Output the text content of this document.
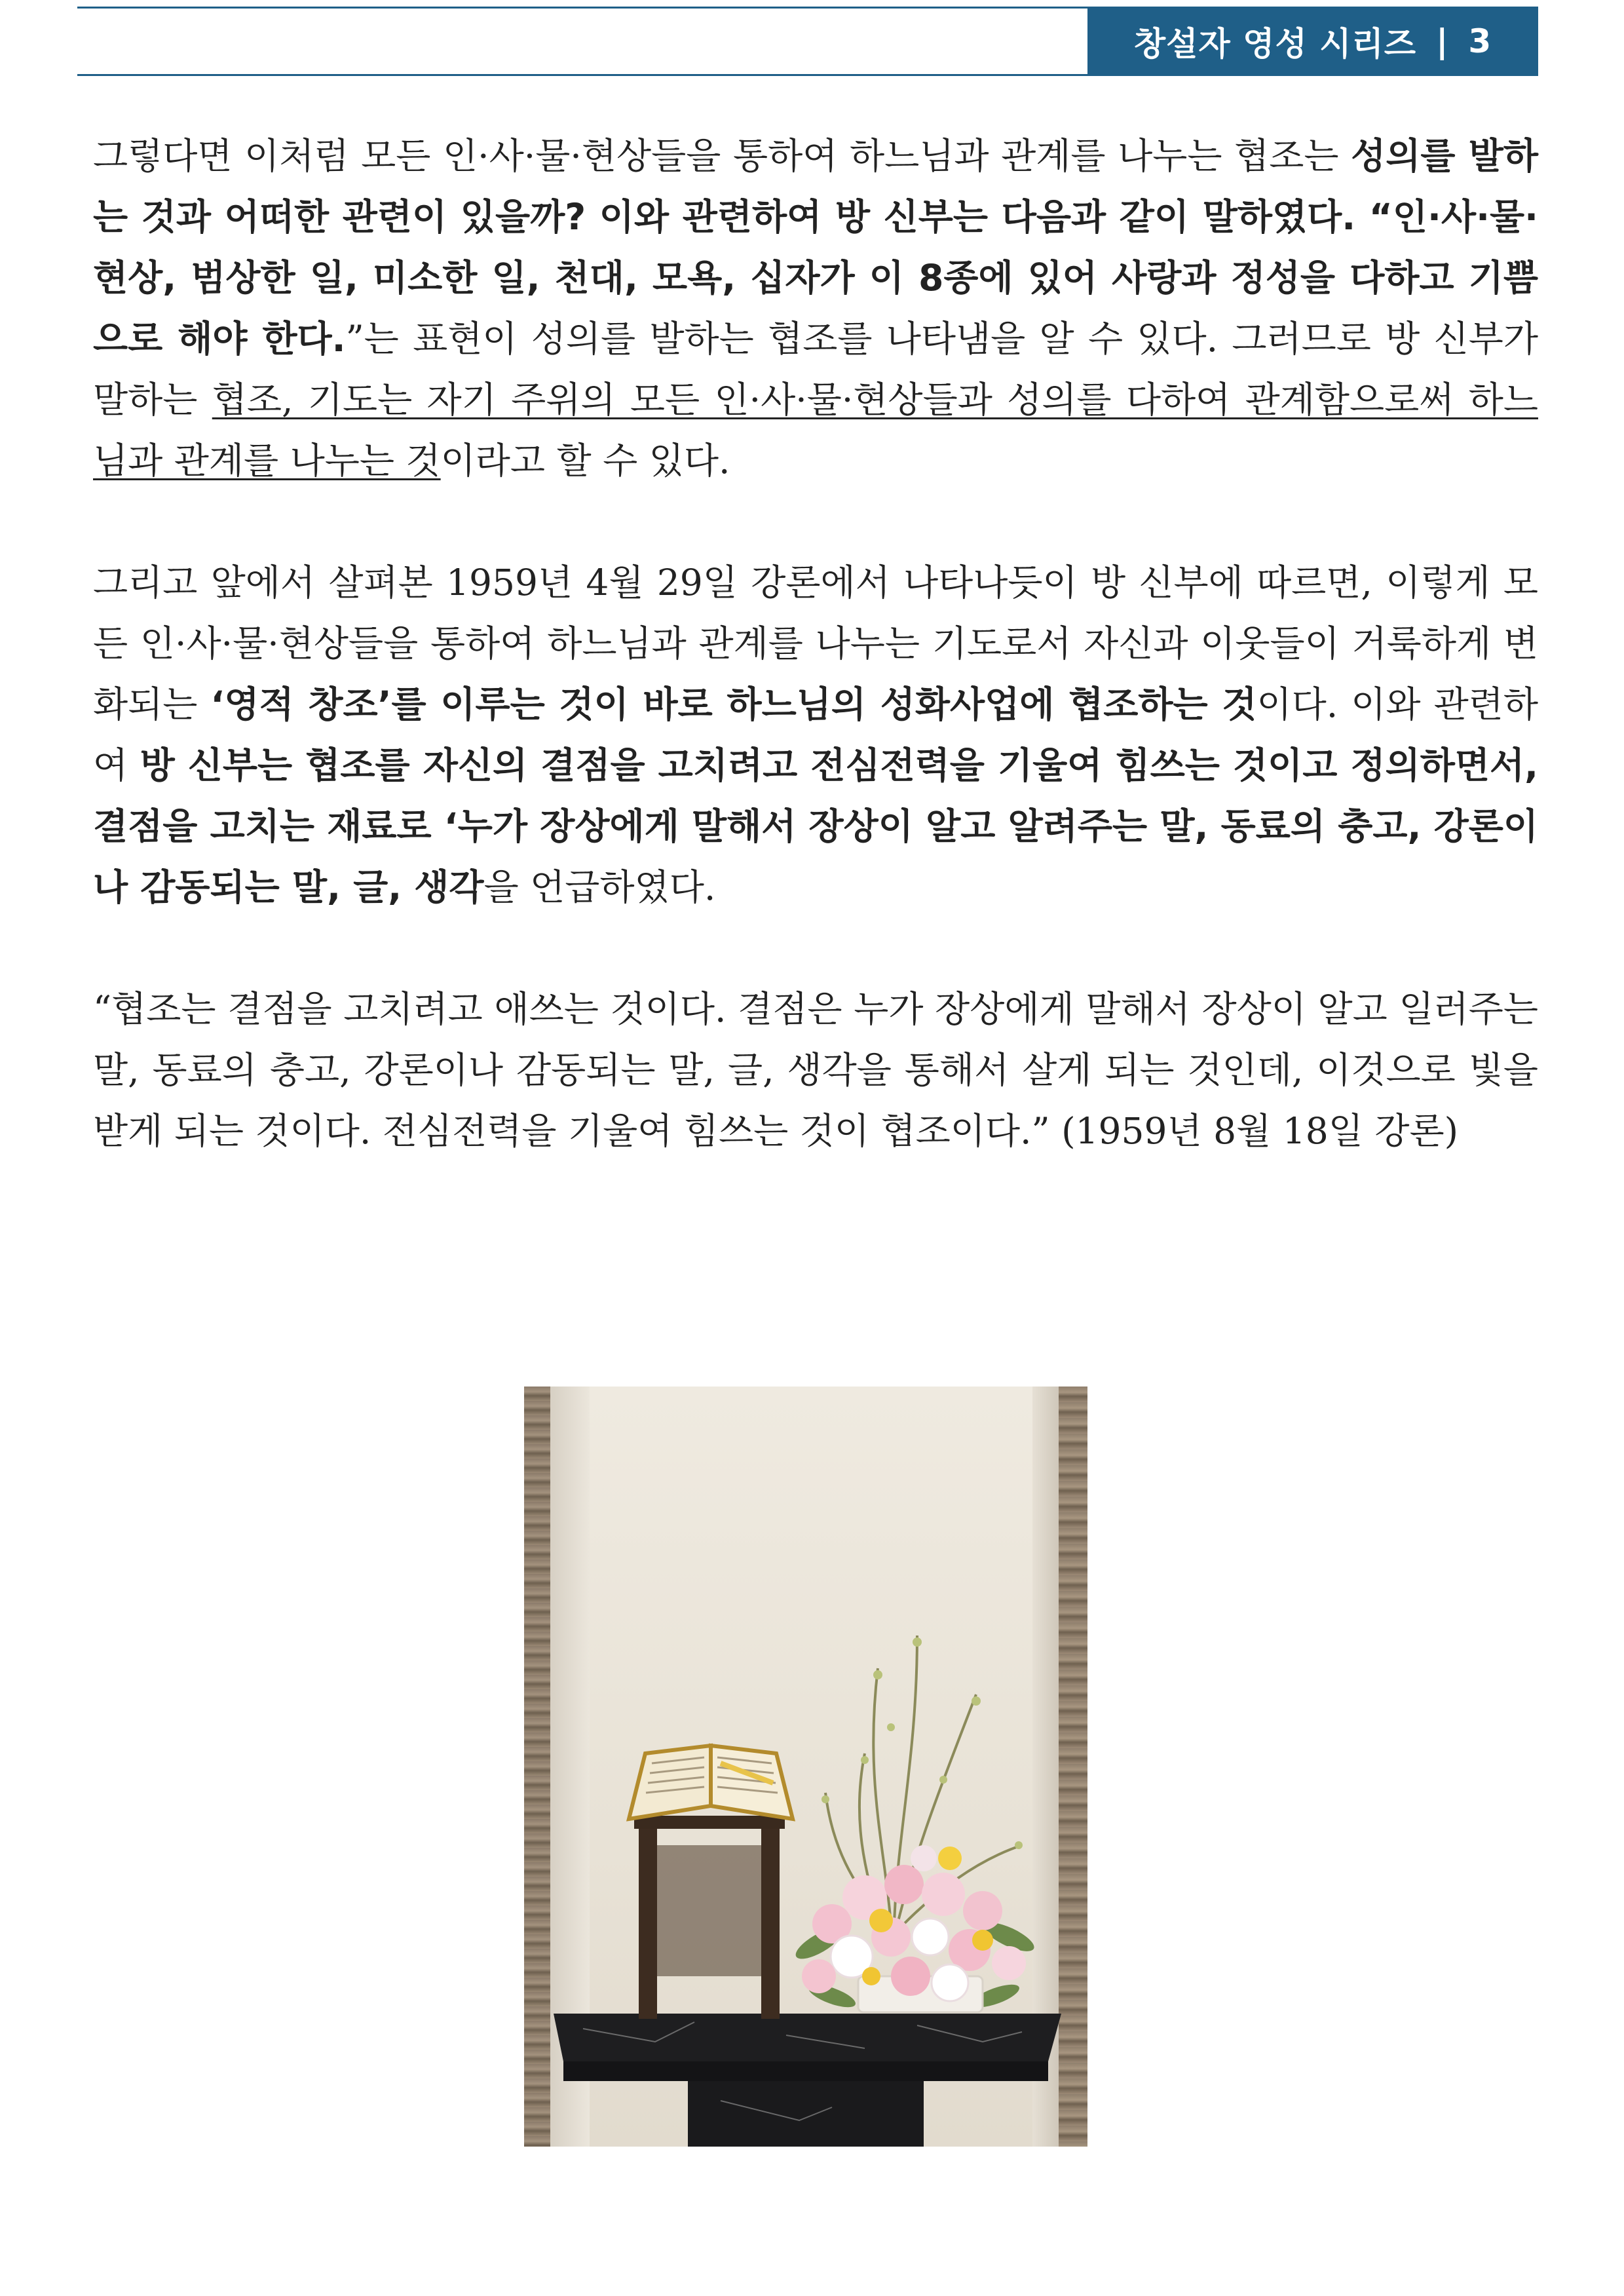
창설자 영성 시리즈 | 3

그렇다면 이처럼 모든 인·사·물·현상들을 통하여 하느님과 관계를 나누는 협조는 성의를 발하는 것과 어떠한 관련이 있을까? 이와 관련하여 방 신부는 다음과 같이 말하였다. “인·사·물·현상, 범상한 일, 미소한 일, 천대, 모욕, 십자가 이 8종에 있어 사랑과 정성을 다하고 기쁨으로 해야 한다.”는 표현이 성의를 발하는 협조를 나타냄을 알 수 있다. 그러므로 방 신부가 말하는 협조, 기도는 자기 주위의 모든 인·사·물·현상들과 성의를 다하여 관계함으로써 하느님과 관계를 나누는 것이라고 할 수 있다.

그리고 앞에서 살펴본 1959년 4월 29일 강론에서 나타나듯이 방 신부에 따르면, 이렇게 모든 인·사·물·현상들을 통하여 하느님과 관계를 나누는 기도로서 자신과 이웃들이 거룩하게 변화되는 ‘영적 창조’를 이루는 것이 바로 하느님의 성화사업에 협조하는 것이다. 이와 관련하여 방 신부는 협조를 자신의 결점을 고치려고 전심전력을 기울여 힘쓰는 것이고 정의하면서, 결점을 고치는 재료로 ‘누가 장상에게 말해서 장상이 알고 알려주는 말, 동료의 충고, 강론이나 감동되는 말, 글, 생각을 언급하였다.

“협조는 결점을 고치려고 애쓰는 것이다. 결점은 누가 장상에게 말해서 장상이 알고 일러주는 말, 동료의 충고, 강론이나 감동되는 말, 글, 생각을 통해서 살게 되는 것인데, 이것으로 빛을 받게 되는 것이다. 전심전력을 기울여 힘쓰는 것이 협조이다.” (1959년 8월 18일 강론)
